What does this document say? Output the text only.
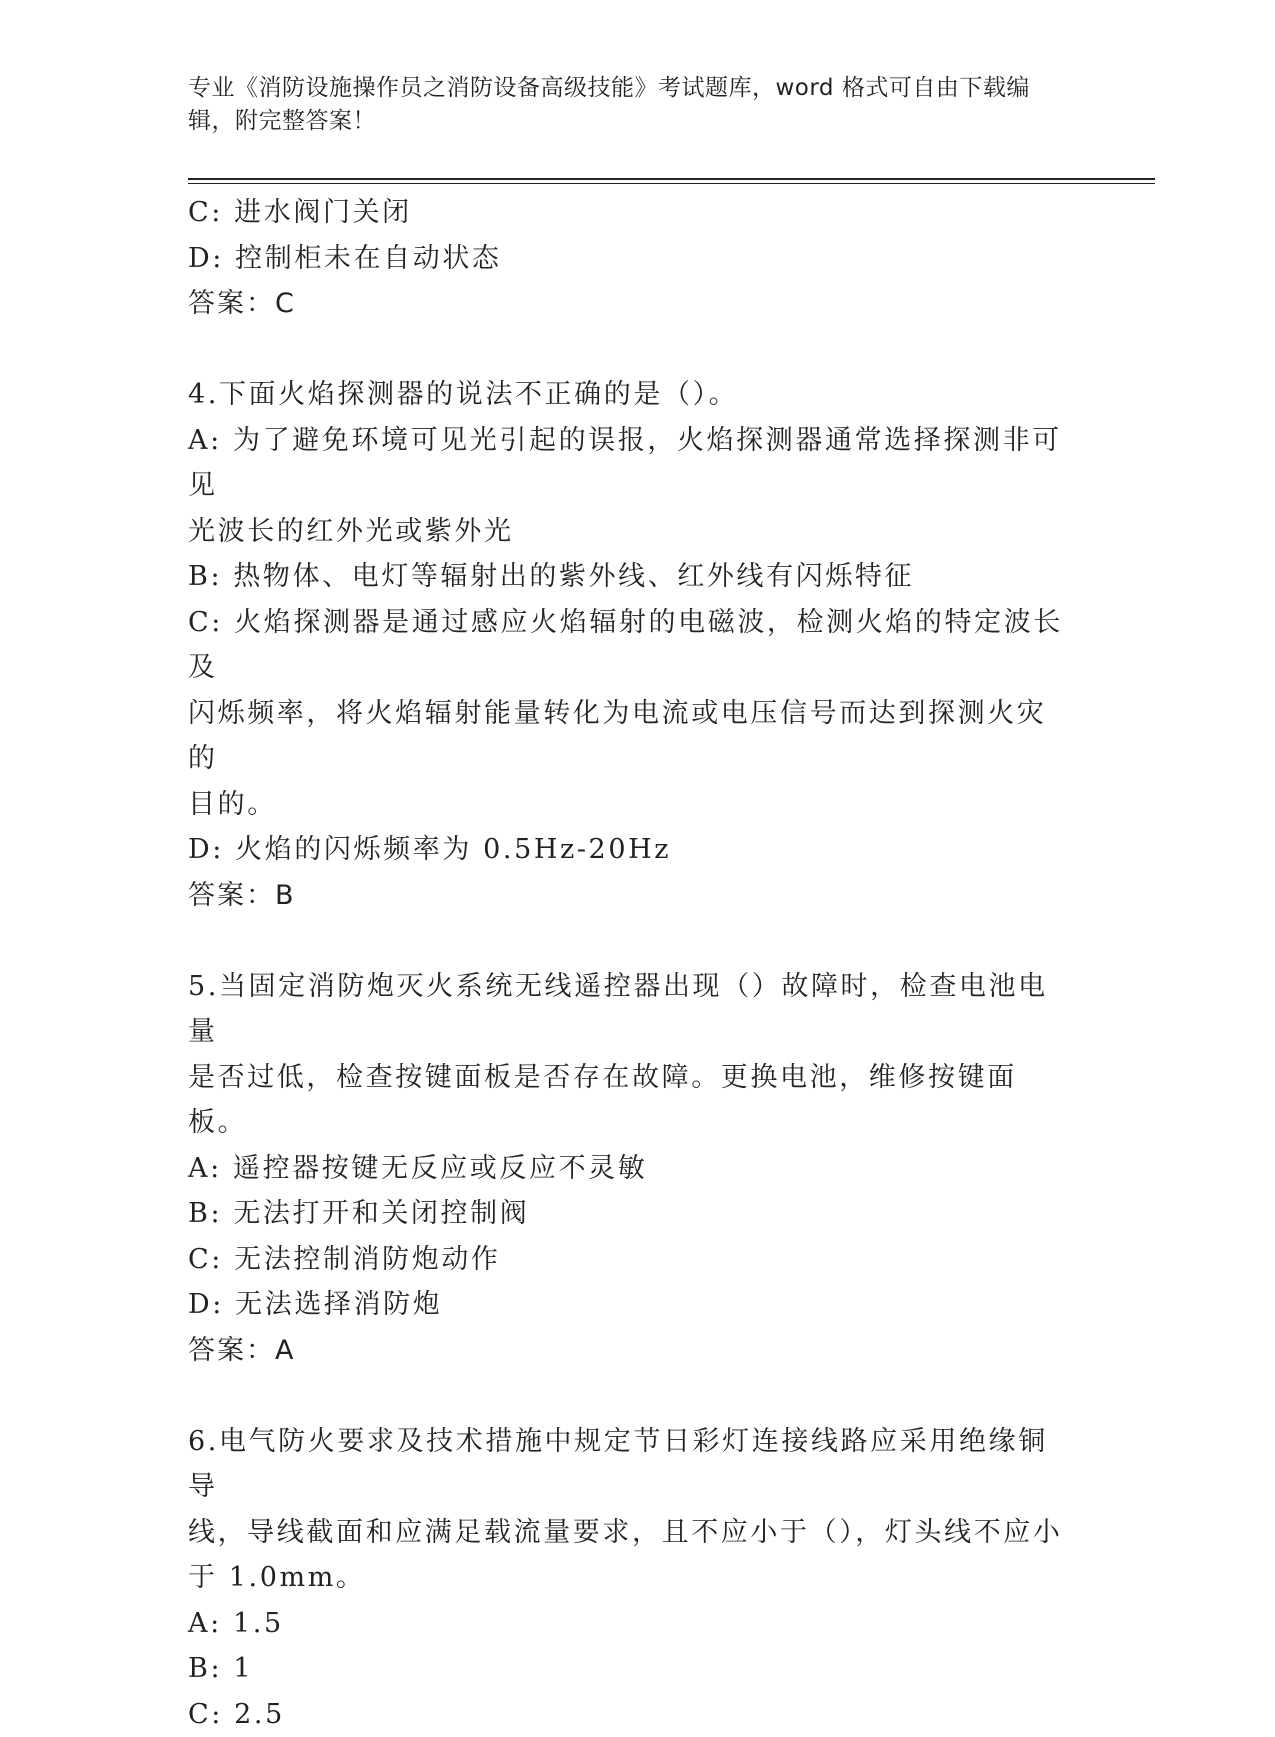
专业《消防设施操作员之消防设备高级技能》考试题库，word 格式可自由下载编
辑，附完整答案！
C: 进水阀门关闭
D: 控制柜未在自动状态
答案：C
4.下面火焰探测器的说法不正确的是（）。
A: 为了避免环境可见光引起的误报，火焰探测器通常选择探测非可见
光波长的红外光或紫外光
B: 热物体、电灯等辐射出的紫外线、红外线有闪烁特征
C: 火焰探测器是通过感应火焰辐射的电磁波，检测火焰的特定波长及
闪烁频率，将火焰辐射能量转化为电流或电压信号而达到探测火灾的
目的。
D: 火焰的闪烁频率为 0.5Hz-20Hz
答案：B
5.当固定消防炮灭火系统无线遥控器出现（）故障时，检查电池电量
是否过低，检查按键面板是否存在故障。更换电池，维修按键面板。
A: 遥控器按键无反应或反应不灵敏
B: 无法打开和关闭控制阀
C: 无法控制消防炮动作
D: 无法选择消防炮
答案：A
6.电气防火要求及技术措施中规定节日彩灯连接线路应采用绝缘铜导
线，导线截面和应满足载流量要求，且不应小于（），灯头线不应小
于 1.0mm。
A: 1.5
B: 1
C: 2.5
